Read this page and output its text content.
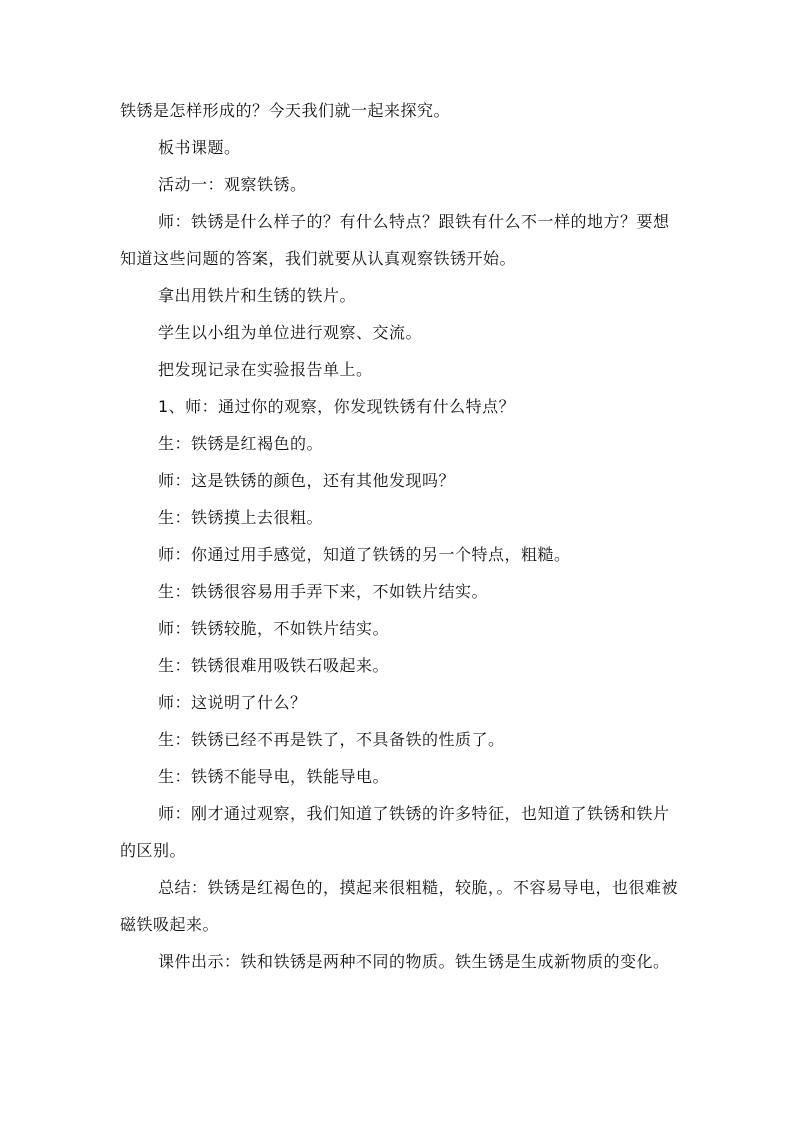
铁锈是怎样形成的？今天我们就一起来探究。

板书课题。

活动一：观察铁锈。

师：铁锈是什么样子的？有什么特点？跟铁有什么不一样的地方？要想知道这些问题的答案，我们就要从认真观察铁锈开始。

拿出用铁片和生锈的铁片。

学生以小组为单位进行观察、交流。

把发现记录在实验报告单上。

1、师：通过你的观察，你发现铁锈有什么特点？

生：铁锈是红褐色的。

师：这是铁锈的颜色，还有其他发现吗？

生：铁锈摸上去很粗。

师：你通过用手感觉，知道了铁锈的另一个特点，粗糙。

生：铁锈很容易用手弄下来，不如铁片结实。

师：铁锈较脆，不如铁片结实。

生：铁锈很难用吸铁石吸起来。

师：这说明了什么？

生：铁锈已经不再是铁了，不具备铁的性质了。

生：铁锈不能导电，铁能导电。

师：刚才通过观察，我们知道了铁锈的许多特征，也知道了铁锈和铁片的区别。

总结：铁锈是红褐色的，摸起来很粗糙，较脆，。不容易导电，也很难被磁铁吸起来。

课件出示：铁和铁锈是两种不同的物质。铁生锈是生成新物质的变化。
